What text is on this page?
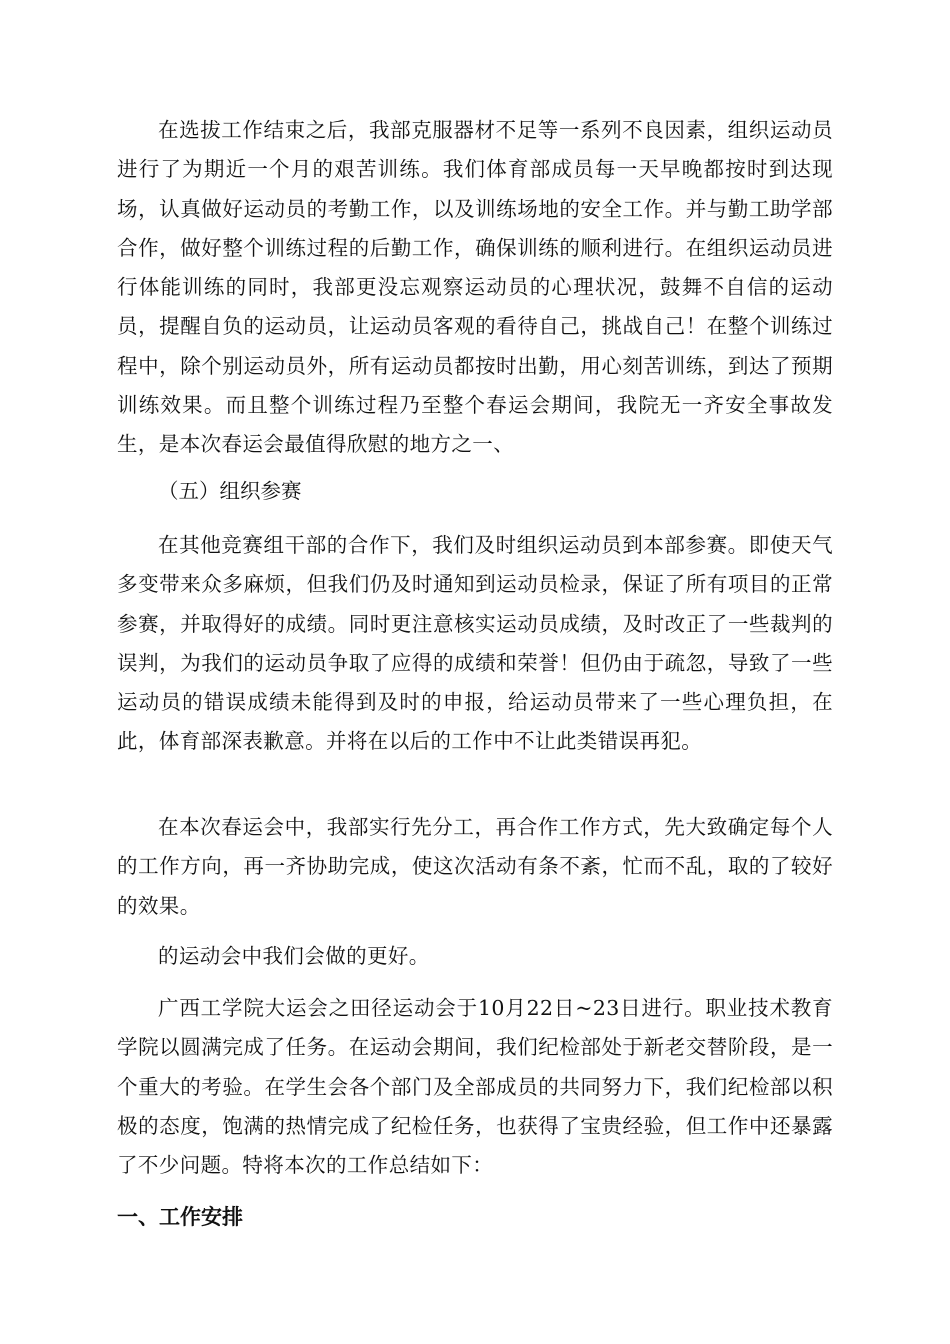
在选拔工作结束之后，我部克服器材不足等一系列不良因素，组织运动员进行了为期近一个月的艰苦训练。我们体育部成员每一天早晚都按时到达现场，认真做好运动员的考勤工作，以及训练场地的安全工作。并与勤工助学部合作，做好整个训练过程的后勤工作，确保训练的顺利进行。在组织运动员进行体能训练的同时，我部更没忘观察运动员的心理状况，鼓舞不自信的运动员，提醒自负的运动员，让运动员客观的看待自己，挑战自己！在整个训练过程中，除个别运动员外，所有运动员都按时出勤，用心刻苦训练，到达了预期训练效果。而且整个训练过程乃至整个春运会期间，我院无一齐安全事故发生，是本次春运会最值得欣慰的地方之一、

（五）组织参赛

在其他竞赛组干部的合作下，我们及时组织运动员到本部参赛。即使天气多变带来众多麻烦，但我们仍及时通知到运动员检录，保证了所有项目的正常参赛，并取得好的成绩。同时更注意核实运动员成绩，及时改正了一些裁判的误判，为我们的运动员争取了应得的成绩和荣誉！但仍由于疏忽，导致了一些运动员的错误成绩未能得到及时的申报，给运动员带来了一些心理负担，在此，体育部深表歉意。并将在以后的工作中不让此类错误再犯。

在本次春运会中，我部实行先分工，再合作工作方式，先大致确定每个人的工作方向，再一齐协助完成，使这次活动有条不紊，忙而不乱，取的了较好的效果。

的运动会中我们会做的更好。

广西工学院大运会之田径运动会于10月22日~23日进行。职业技术教育学院以圆满完成了任务。在运动会期间，我们纪检部处于新老交替阶段，是一个重大的考验。在学生会各个部门及全部成员的共同努力下，我们纪检部以积极的态度，饱满的热情完成了纪检任务，也获得了宝贵经验，但工作中还暴露了不少问题。特将本次的工作总结如下：

一、工作安排
